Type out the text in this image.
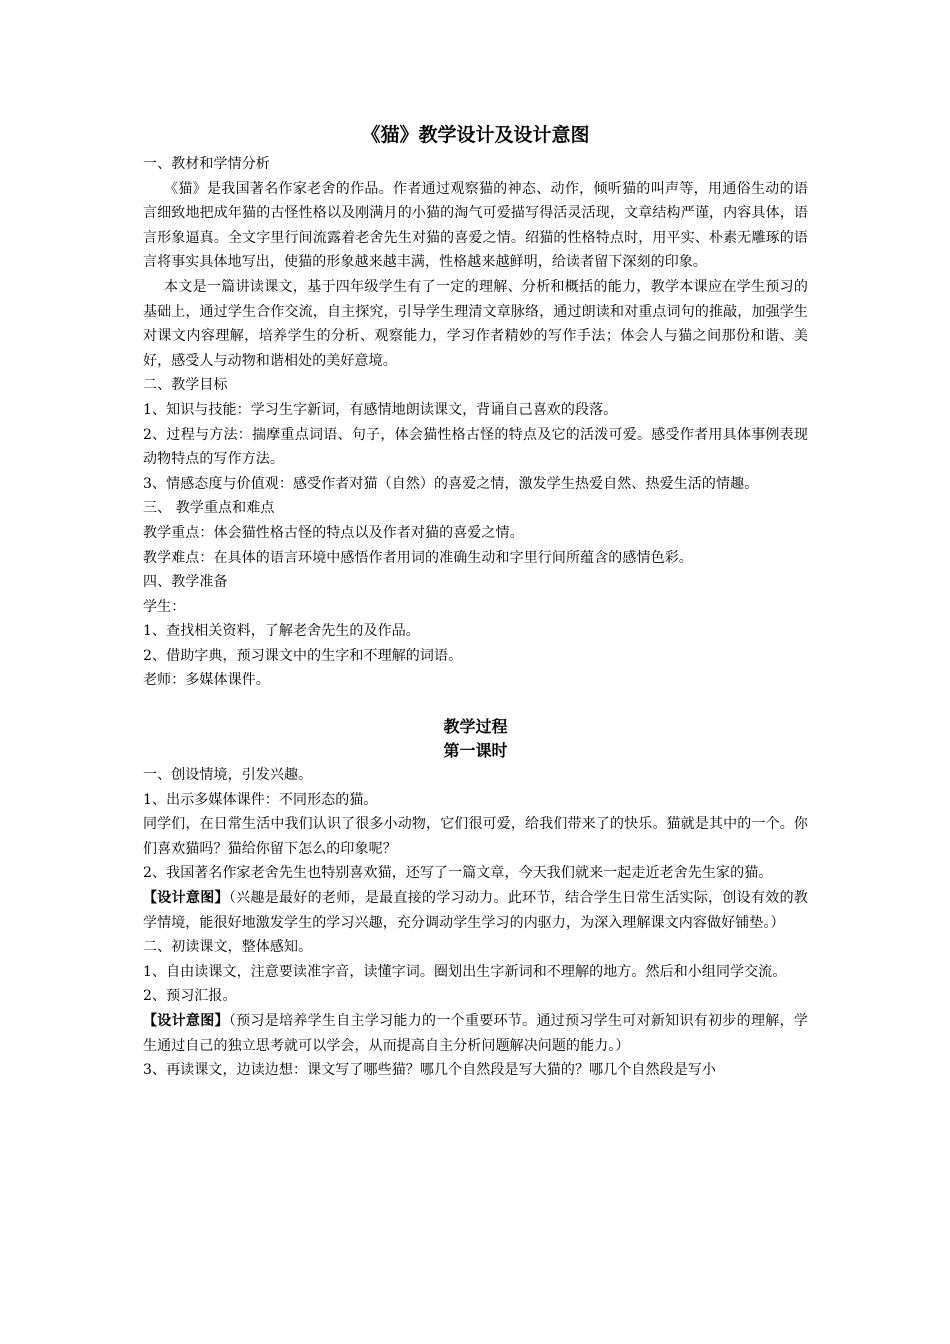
《猫》教学设计及设计意图

一、教材和学情分析

《猫》是我国著名作家老舍的作品。作者通过观察猫的神态、动作，倾听猫的叫声等，用通俗生动的语言细致地把成年猫的古怪性格以及刚满月的小猫的淘气可爱描写得活灵活现，文章结构严谨，内容具体，语言形象逼真。全文字里行间流露着老舍先生对猫的喜爱之情。绍猫的性格特点时，用平实、朴素无雕琢的语言将事实具体地写出，使猫的形象越来越丰满，性格越来越鲜明，给读者留下深刻的印象。

本文是一篇讲读课文，基于四年级学生有了一定的理解、分析和概括的能力，教学本课应在学生预习的基础上，通过学生合作交流，自主探究，引导学生理清文章脉络，通过朗读和对重点词句的推敲，加强学生对课文内容理解，培养学生的分析、观察能力，学习作者精妙的写作手法；体会人与猫之间那份和谐、美好，感受人与动物和谐相处的美好意境。

二、教学目标

1、知识与技能：学习生字新词，有感情地朗读课文，背诵自己喜欢的段落。

2、过程与方法：揣摩重点词语、句子，体会猫性格古怪的特点及它的活泼可爱。感受作者用具体事例表现动物特点的写作方法。

3、情感态度与价值观：感受作者对猫（自然）的喜爱之情，激发学生热爱自然、热爱生活的情趣。

三、 教学重点和难点

教学重点：体会猫性格古怪的特点以及作者对猫的喜爱之情。

教学难点：在具体的语言环境中感悟作者用词的准确生动和字里行间所蕴含的感情色彩。

四、教学准备

学生：

1、查找相关资料，了解老舍先生的及作品。

2、借助字典，预习课文中的生字和不理解的词语。

老师：多媒体课件。

教学过程

第一课时

一、创设情境，引发兴趣。

1、出示多媒体课件：不同形态的猫。

同学们，在日常生活中我们认识了很多小动物，它们很可爱，给我们带来了的快乐。猫就是其中的一个。你们喜欢猫吗？猫给你留下怎么的印象呢？

2、我国著名作家老舍先生也特别喜欢猫，还写了一篇文章，今天我们就来一起走近老舍先生家的猫。

【设计意图】（兴趣是最好的老师，是最直接的学习动力。此环节，结合学生日常生活实际，创设有效的教学情境，能很好地激发学生的学习兴趣，充分调动学生学习的内驱力，为深入理解课文内容做好铺垫。）

二、初读课文，整体感知。

1、自由读课文，注意要读准字音，读懂字词。圈划出生字新词和不理解的地方。然后和小组同学交流。

2、预习汇报。

【设计意图】（预习是培养学生自主学习能力的一个重要环节。通过预习学生可对新知识有初步的理解，学生通过自己的独立思考就可以学会，从而提高自主分析问题解决问题的能力。）

3、再读课文，边读边想：课文写了哪些猫？哪几个自然段是写大猫的？哪几个自然段是写小
